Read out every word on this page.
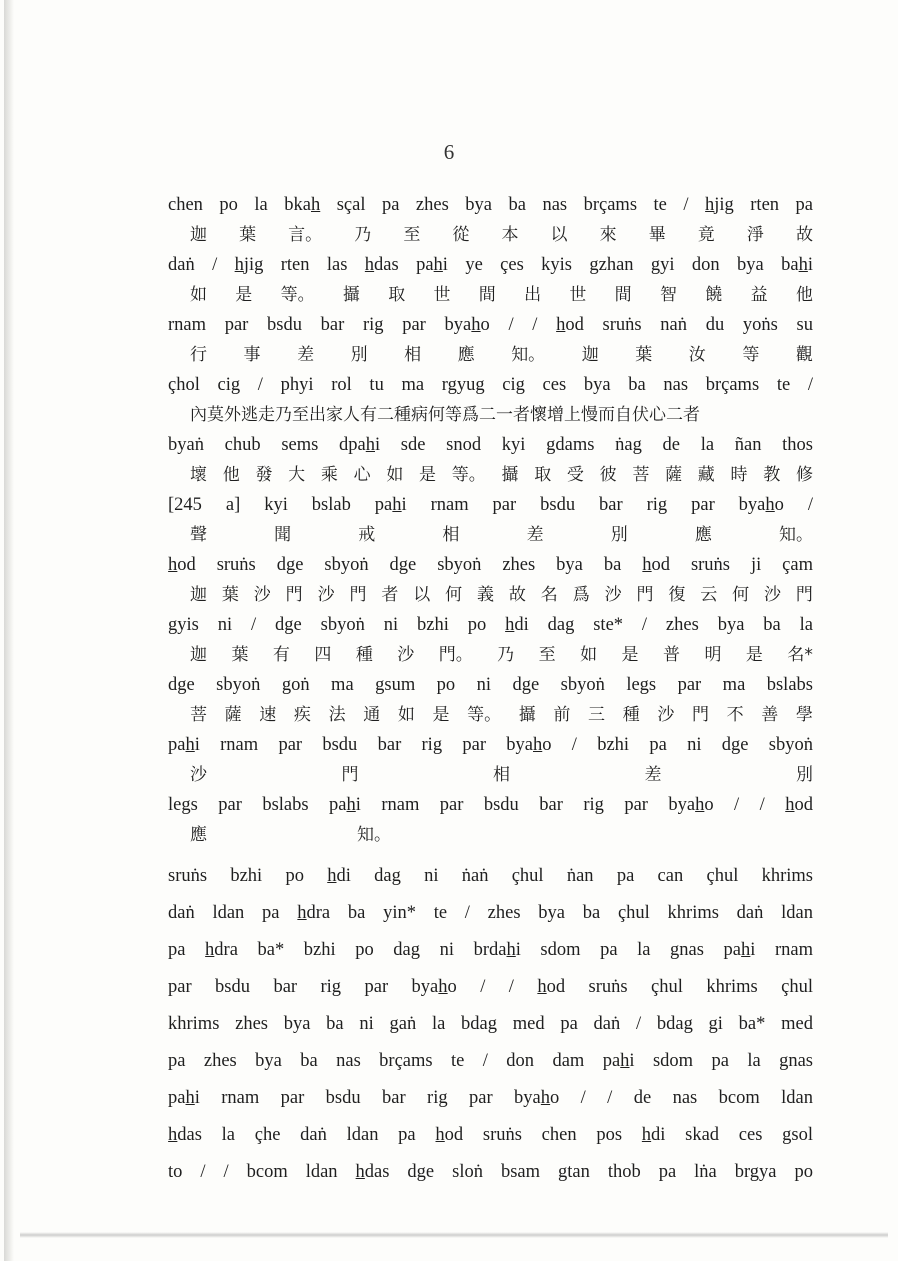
6

chen po la bkah̲ sçal pa zhes bya ba nas brçams te / h̲jig rten pa

迦 葉 言。 乃 至 從 本 以 來 畢 竟 淨 故

daṅ / h̲jig rten las h̲das pah̲i ye çes kyis gzhan gyi don bya bah̲i

如 是 等。 攝 取 世 間 出 世 間 智 饒 益 他

rnam par bsdu bar rig par byah̲o / / h̲od sruṅs naṅ du yoṅs su

行 事 差 別 相 應 知。 迦 葉 汝 等 觀

çhol cig / phyi rol tu ma rgyug cig ces bya ba nas brçams te /

內莫外逃走乃至出家人有二種病何等爲二一者懷增上慢而自伏心二者

byaṅ chub sems dpah̲i sde snod kyi gdams ṅag de la ñan thos

壞 他 發 大 乘 心 如 是 等。 攝 取 受 彼 菩 薩 藏 時 教 修

[245 a] kyi bslab pah̲i rnam par bsdu bar rig par byah̲o /

聲	聞	戒	相	差	別	應	知。

h̲od sruṅs dge sbyoṅ dge sbyoṅ zhes bya ba h̲od sruṅs ji çam

迦 葉 沙 門 沙 門 者 以 何 義 故 名 爲 沙 門 復 云 何 沙 門

gyis ni / dge sbyoṅ ni bzhi po h̲di dag ste* / zhes bya ba la

迦 葉 有 四 種 沙 門。 乃 至 如 是 普 明 是 名*

dge sbyoṅ goṅ ma gsum po ni dge sbyoṅ legs par ma bslabs

菩 薩 速 疾 法 通 如 是 等。 攝 前 三 種 沙 門 不 善 學

pah̲i rnam par bsdu bar rig par byah̲o / bzhi pa ni dge sbyoṅ

沙	門	相	差	別

legs par bslabs pah̲i rnam par bsdu bar rig par byah̲o / / h̲od

應	知。

sruṅs bzhi po h̲di dag ni ṅaṅ çhul ṅan pa can çhul khrims

daṅ ldan pa h̲dra ba yin* te / zhes bya ba çhul khrims daṅ ldan

pa h̲dra ba* bzhi po dag ni brdah̲i sdom pa la gnas pah̲i rnam

par bsdu bar rig par byah̲o / / h̲od sruṅs çhul khrims çhul

khrims zhes bya ba ni gaṅ la bdag med pa daṅ / bdag gi ba* med

pa zhes bya ba nas brçams te / don dam pah̲i sdom pa la gnas

pah̲i rnam par bsdu bar rig par byah̲o / / de nas bcom ldan

h̲das la çhe daṅ ldan pa h̲od sruṅs chen pos h̲di skad ces gsol

to / / bcom ldan h̲das dge sloṅ bsam gtan thob pa lṅa brgya po
